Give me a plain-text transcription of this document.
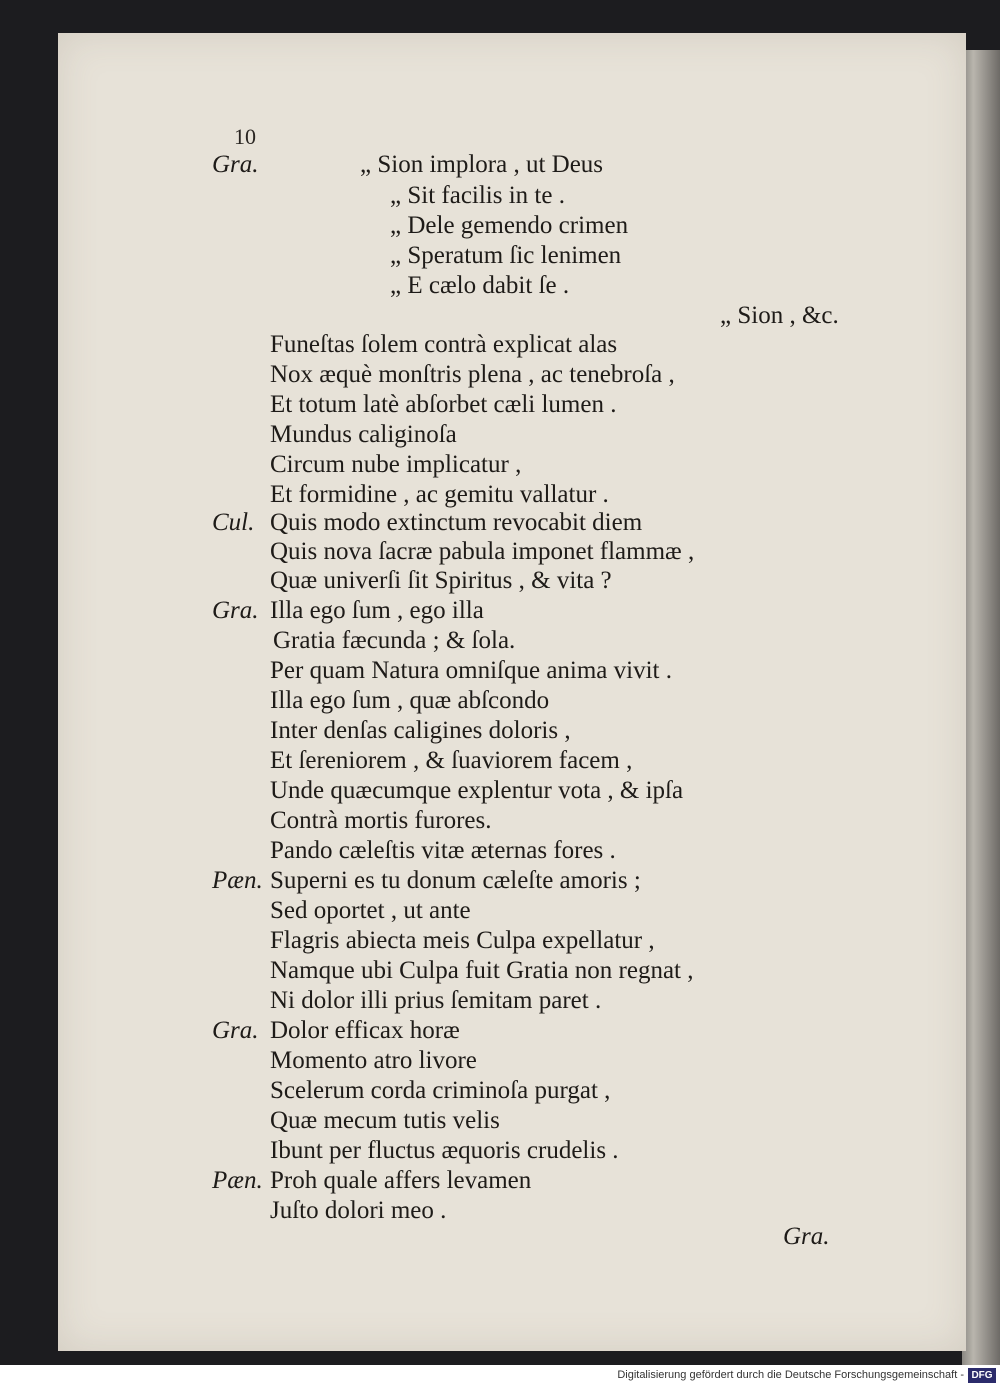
10
Gra.	„ Sion implora , ut Deus
„ Sit facilis in te .
„ Dele gemendo crimen
„ Speratum ſic lenimen
„ E cælo dabit ſe .
„ Sion , &c.
Funeſtas ſolem contrà explicat alas
Nox æquè monſtris plena , ac tenebroſa ,
Et totum latè abſorbet cæli lumen .
Mundus caliginoſa
Circum nube implicatur ,
Et formidine , ac gemitu vallatur .
Cul. Quis modo extinctum revocabit diem
Quis nova ſacræ pabula imponet flammæ ,
Quæ univerſi ſit Spiritus , & vita ?
Gra. Illa ego ſum , ego illa
Gratia fæcunda ; & ſola.
Per quam Natura omniſque anima vivit .
Illa ego ſum , quæ abſcondo
Inter denſas caligines doloris ,
Et ſereniorem , & ſuaviorem facem ,
Unde quæcumque explentur vota , & ipſa
Contrà mortis furores.
Pando cæleſtis vitæ æternas fores .
Pæn. Superni es tu donum cæleſte amoris ;
Sed oportet , ut ante
Flagris abiecta meis Culpa expellatur ,
Namque ubi Culpa fuit Gratia non regnat ,
Ni dolor illi prius ſemitam paret .
Gra. Dolor efficax horæ
Momento atro livore
Scelerum corda criminoſa purgat ,
Quæ mecum tutis velis
Ibunt per fluctus æquoris crudelis .
Pæn. Proh quale affers levamen
Juſto dolori meo .
Gra.
Digitalisierung gefördert durch die Deutsche Forschungsgemeinschaft - DFG
